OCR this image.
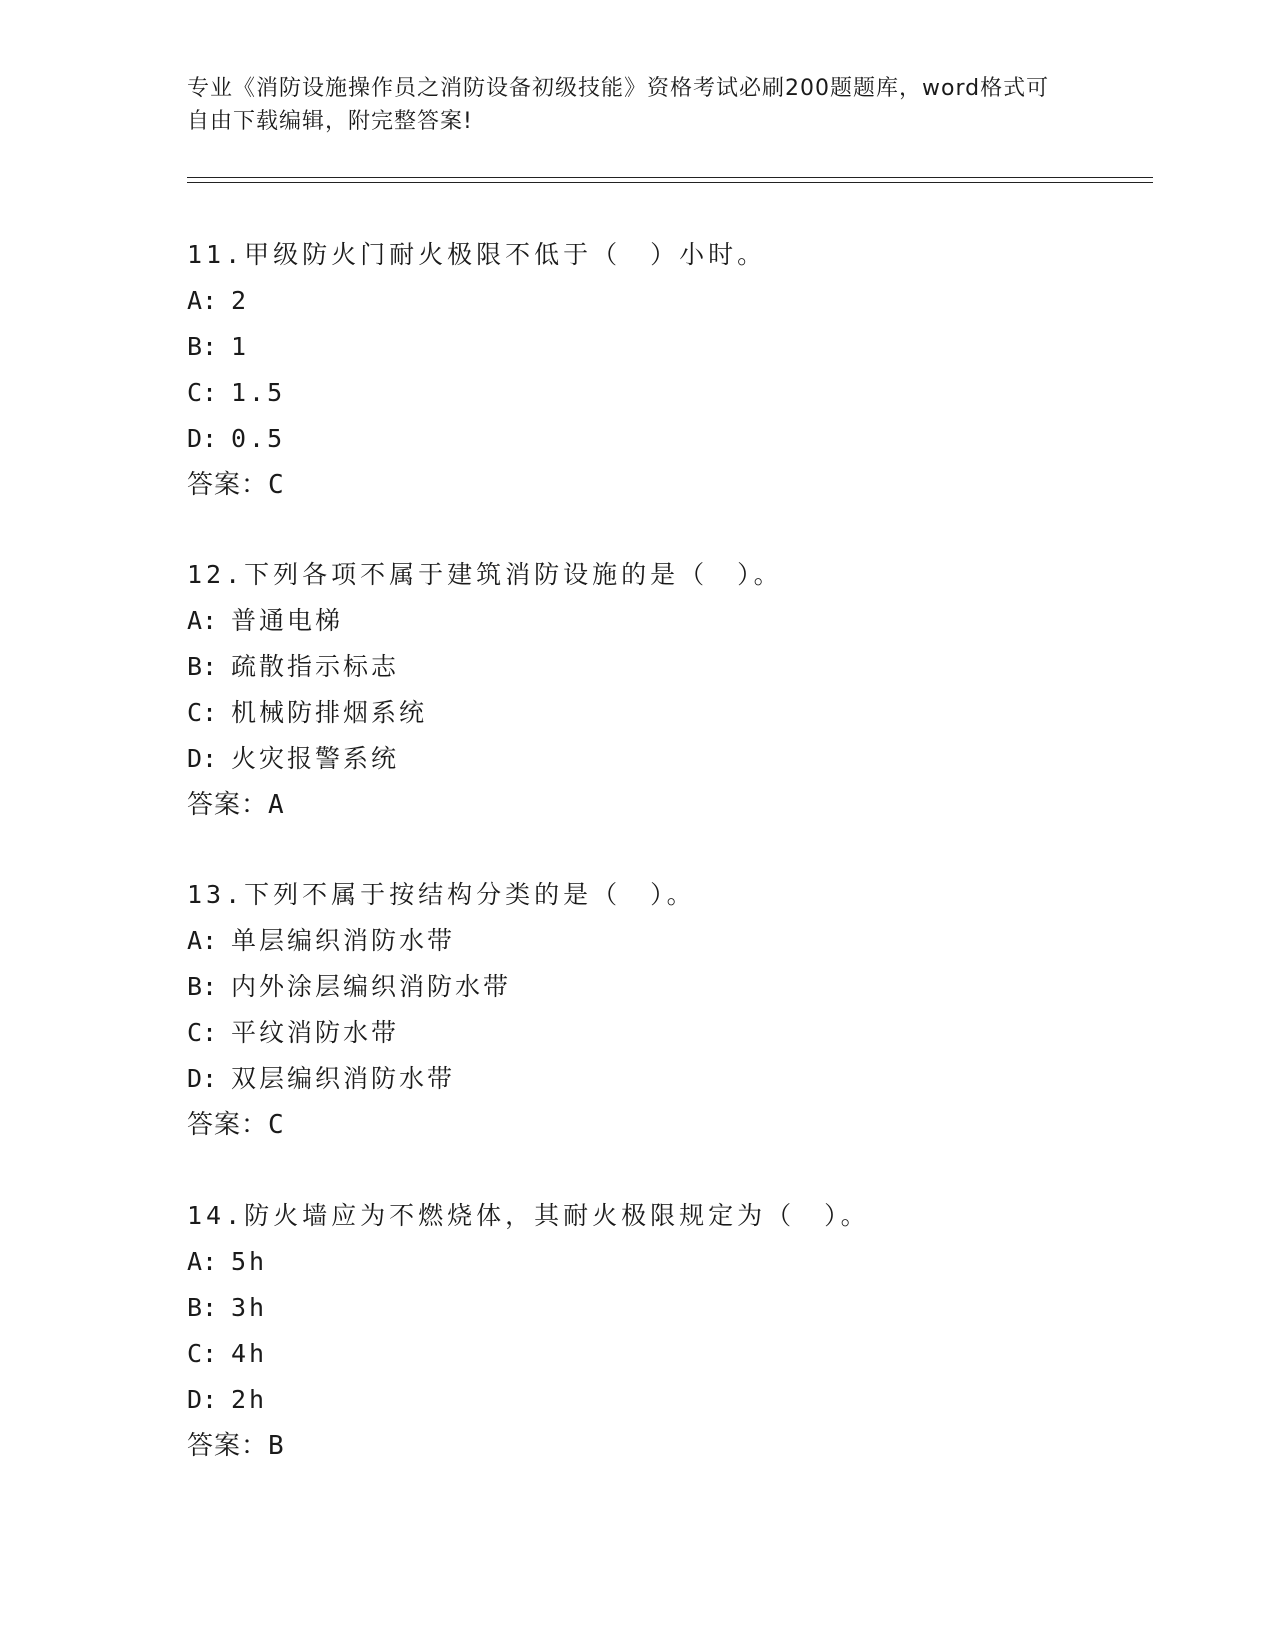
专业《消防设施操作员之消防设备初级技能》资格考试必刷200题题库，word格式可自由下载编辑，附完整答案!
11.甲级防火门耐火极限不低于（　）小时。
A: 2
B: 1
C: 1.5
D: 0.5
答案：C
12.下列各项不属于建筑消防设施的是（　）。
A: 普通电梯
B: 疏散指示标志
C: 机械防排烟系统
D: 火灾报警系统
答案：A
13.下列不属于按结构分类的是（　）。
A: 单层编织消防水带
B: 内外涂层编织消防水带
C: 平纹消防水带
D: 双层编织消防水带
答案：C
14.防火墙应为不燃烧体，其耐火极限规定为（　）。
A: 5h
B: 3h
C: 4h
D: 2h
答案：B
